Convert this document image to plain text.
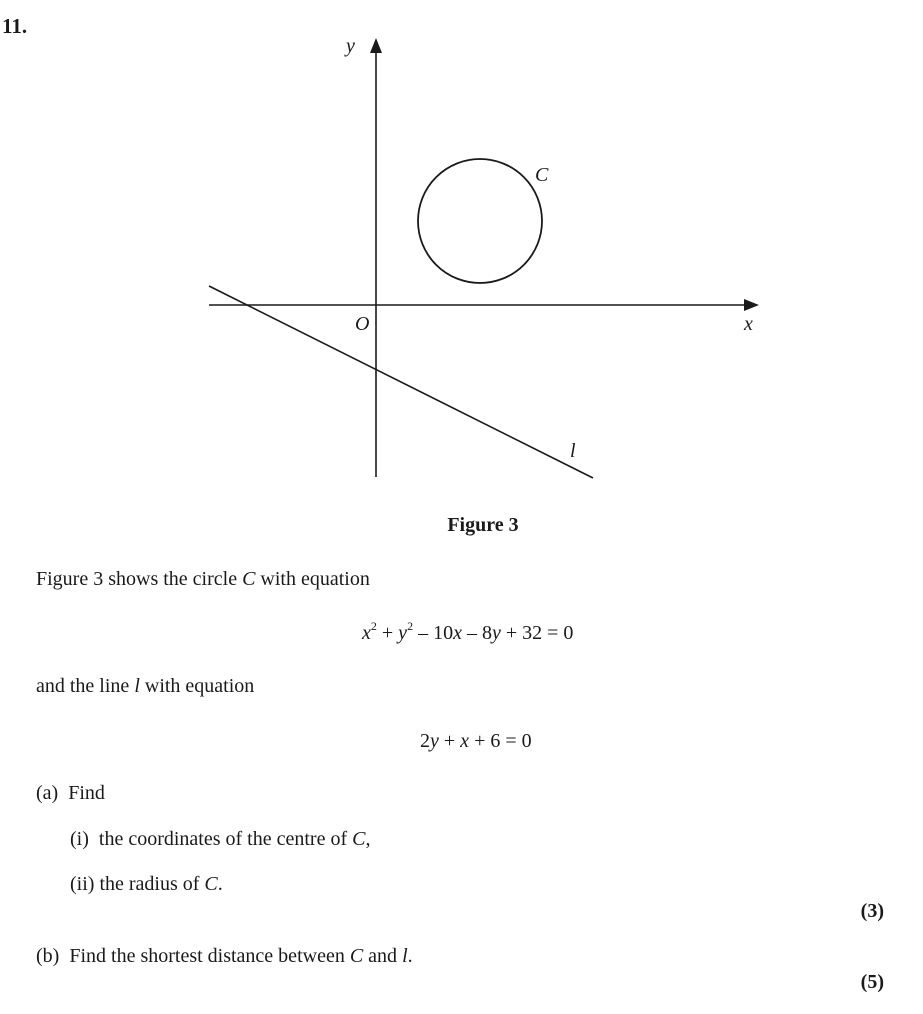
11.
y
x
O
C
l
Figure 3
Figure 3 shows the circle C with equation
$x^2 + y^2 - 10x - 8y + 32 = 0$
and the line l with equation
2y + x + 6 = 0
(a) Find
(i) the coordinates of the centre of C,
(ii) the radius of C.
(3)
(b) Find the shortest distance between C and l.
(5)
